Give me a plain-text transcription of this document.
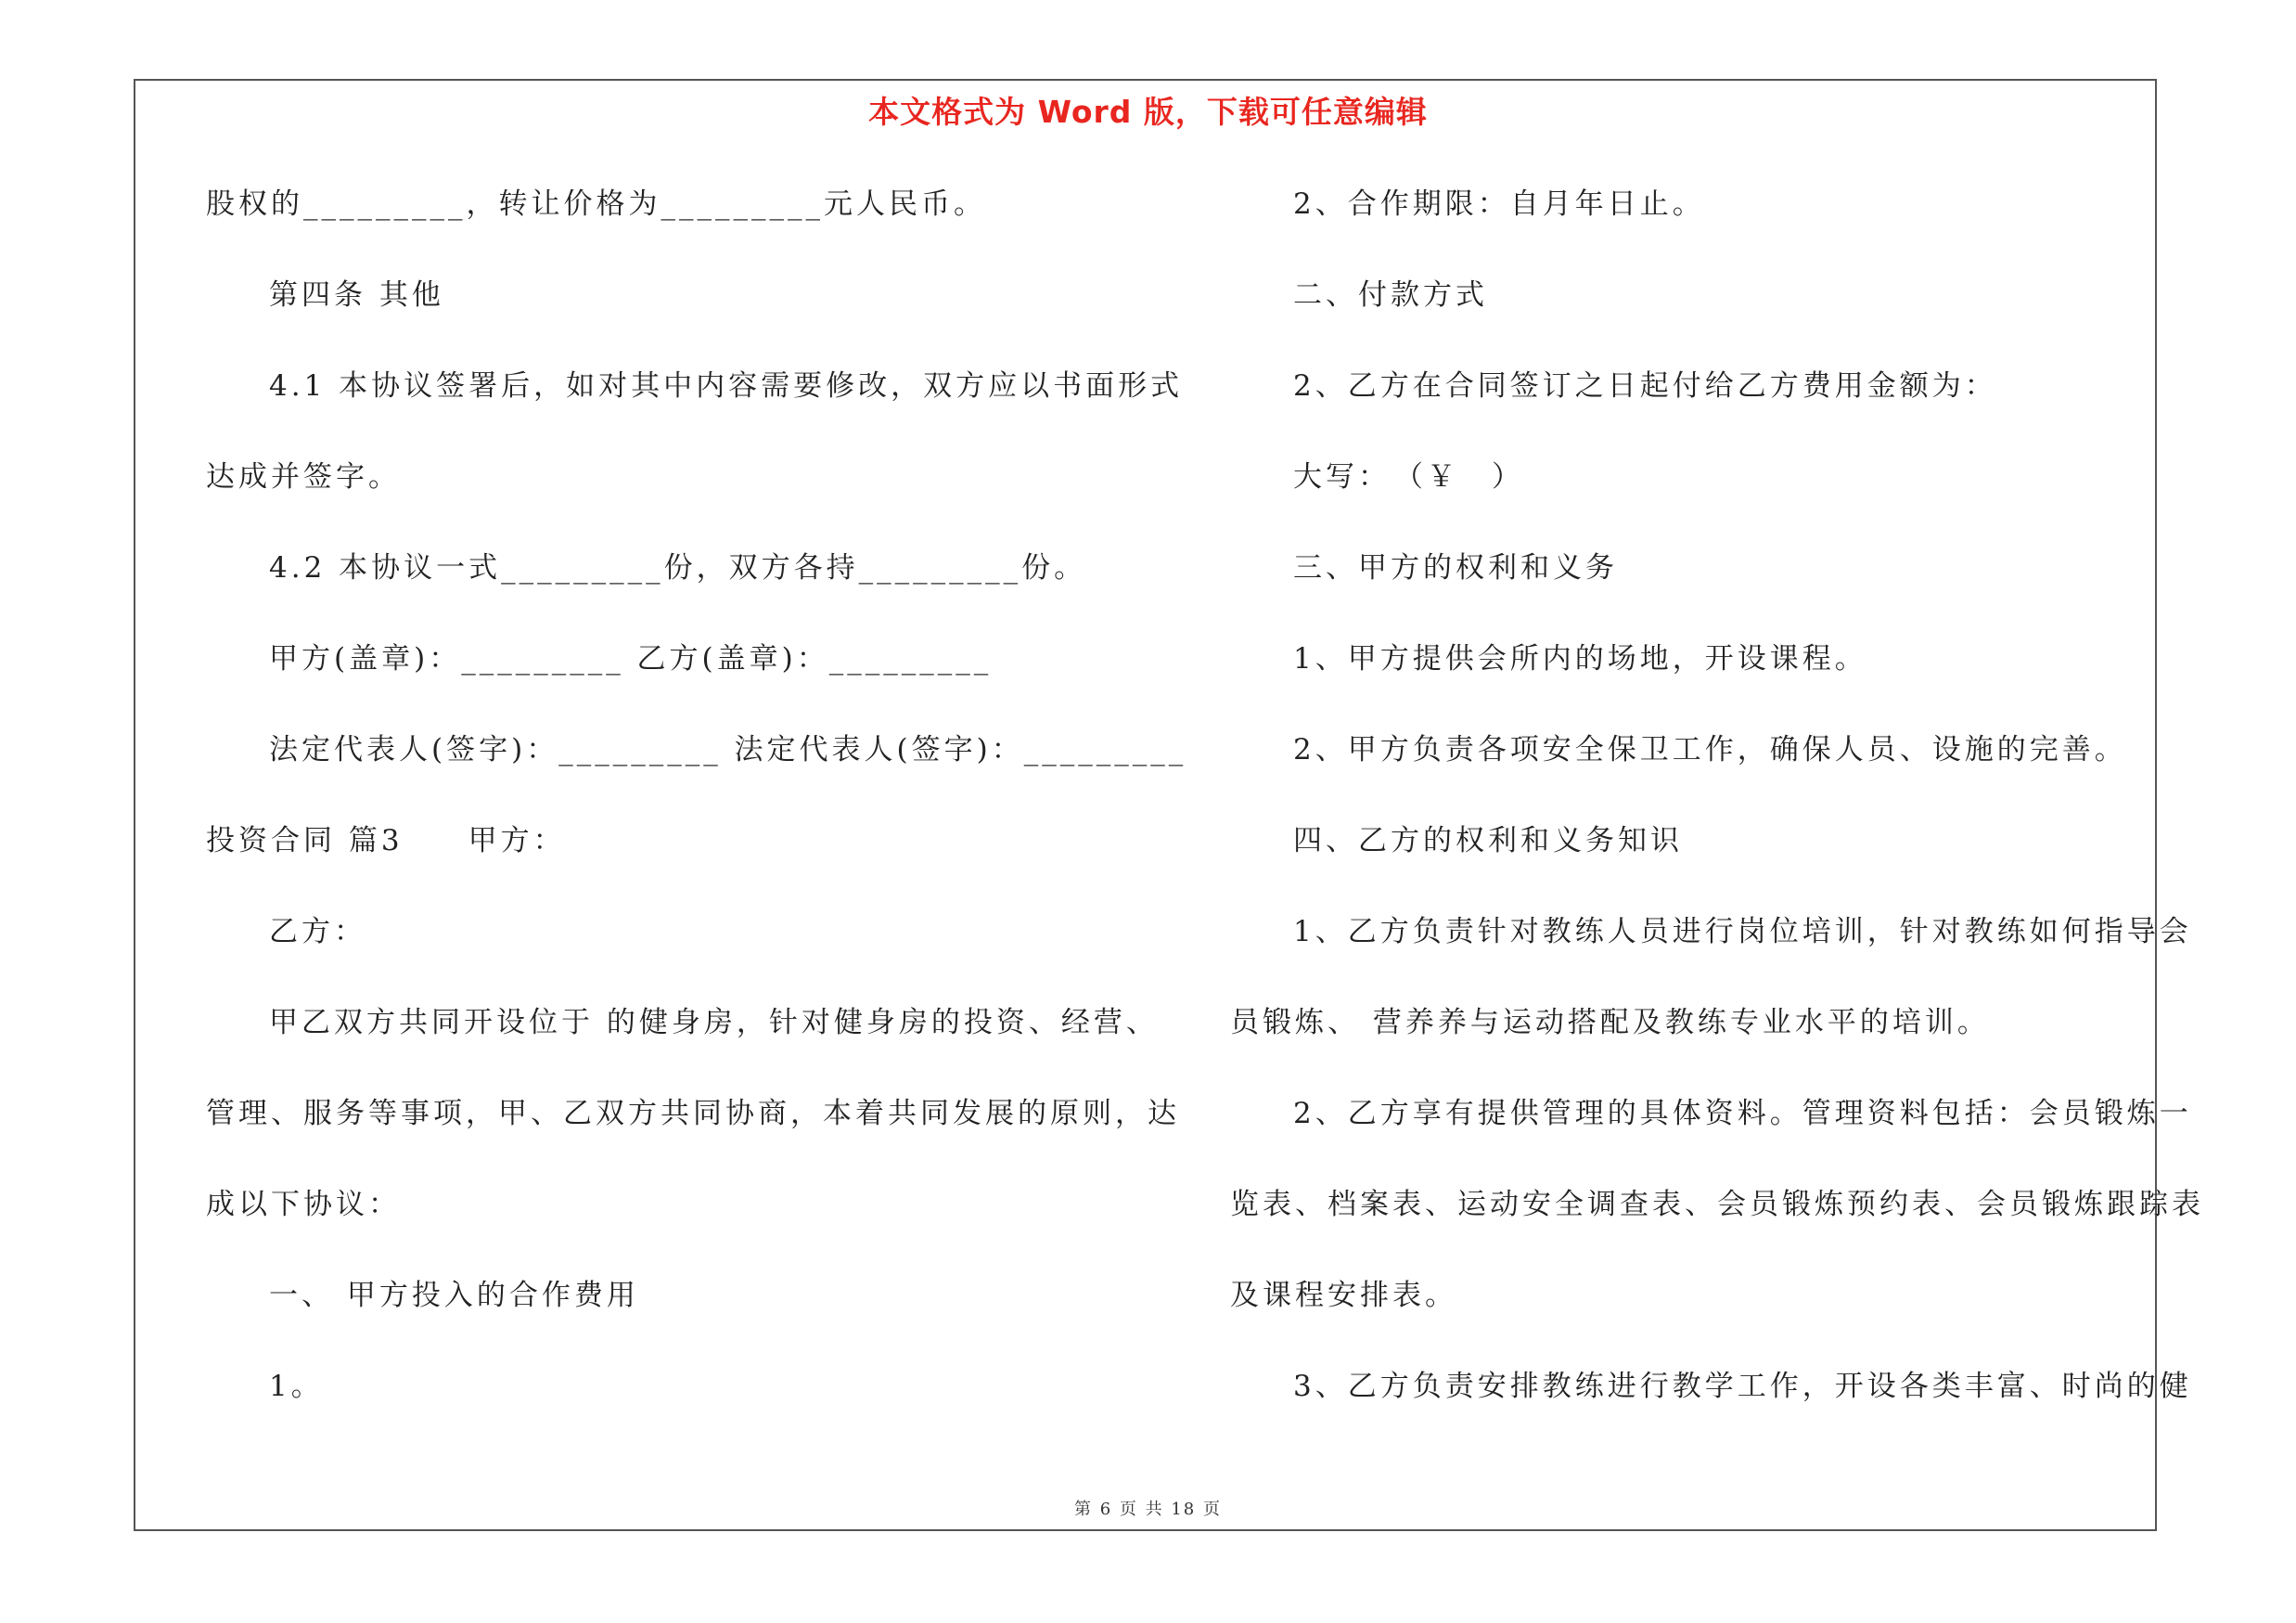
本文格式为 Word 版，下载可任意编辑
股权的_________，转让价格为_________元人民币。
第四条 其他
4.1 本协议签署后，如对其中内容需要修改，双方应以书面形式
达成并签字。
4.2 本协议一式_________份，双方各持_________份。
甲方(盖章)：_________ 乙方(盖章)：_________
法定代表人(签字)：_________ 法定代表人(签字)：_________
投资合同 篇3　　甲方：
乙方：
甲乙双方共同开设位于 的健身房，针对健身房的投资、经营、
管理、服务等事项，甲、乙双方共同协商，本着共同发展的原则，达
成以下协议：
一、 甲方投入的合作费用
1。
2、合作期限：自月年日止。
二、付款方式
2、乙方在合同签订之日起付给乙方费用金额为：
大写：　（￥　）
三、甲方的权利和义务
1、甲方提供会所内的场地，开设课程。
2、甲方负责各项安全保卫工作，确保人员、设施的完善。
四、乙方的权利和义务知识
1、乙方负责针对教练人员进行岗位培训，针对教练如何指导会
员锻炼、 营养养与运动搭配及教练专业水平的培训。
2、乙方享有提供管理的具体资料。管理资料包括：会员锻炼一
览表、档案表、运动安全调查表、会员锻炼预约表、会员锻炼跟踪表
及课程安排表。
3、乙方负责安排教练进行教学工作，开设各类丰富、时尚的健
第 6 页 共 18 页
